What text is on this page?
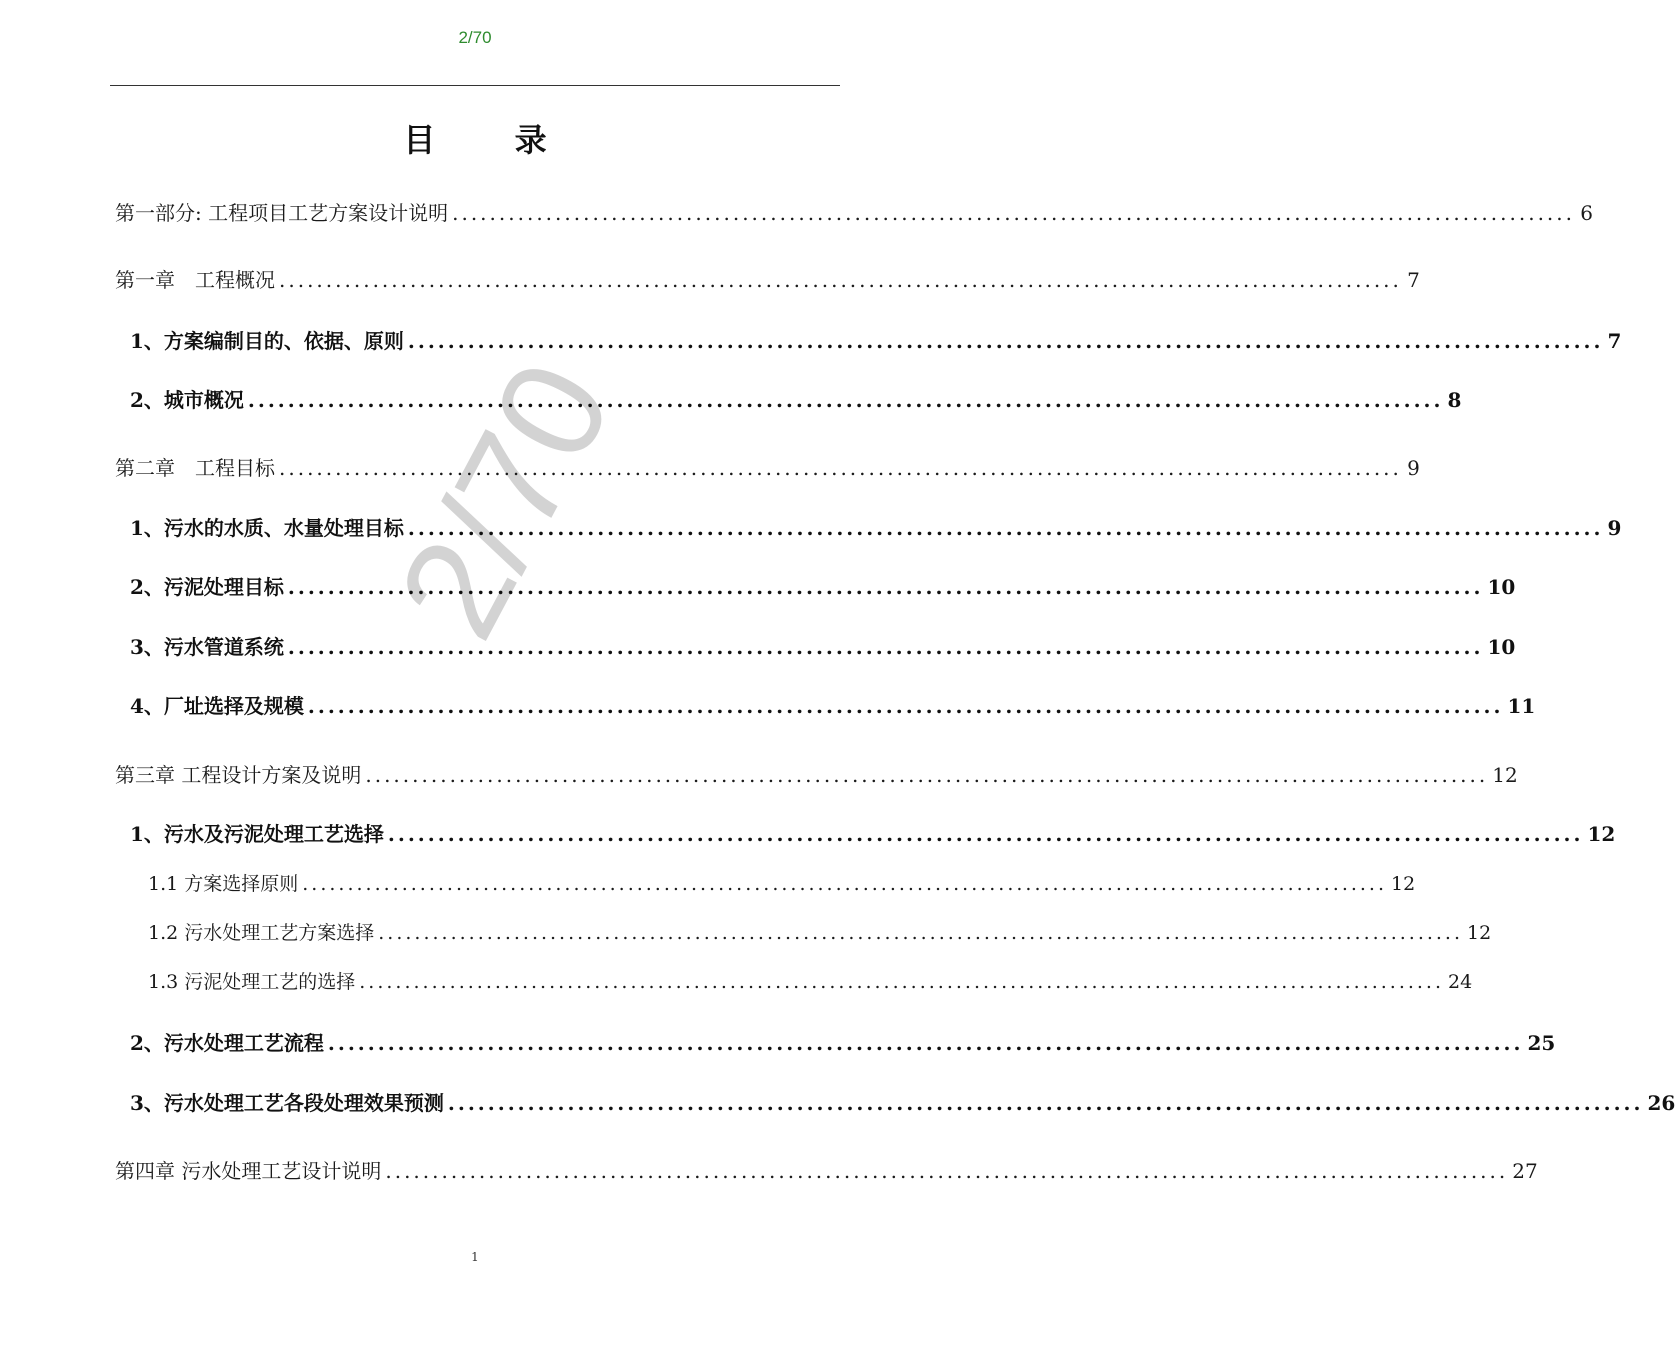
2/70
目 录
2/70
第一部分: 工程项目工艺方案设计说明 ........................................................................................................................ 6
第一章　工程概况 ........................................................................................................................ 7
1、方案编制目的、依据、原则 ........................................................................................................................ 7
2、城市概况 ........................................................................................................................ 8
第二章　工程目标 ........................................................................................................................ 9
1、污水的水质、水量处理目标 ........................................................................................................................ 9
2、污泥处理目标 ........................................................................................................................ 10
3、污水管道系统 ........................................................................................................................ 10
4、厂址选择及规模 ........................................................................................................................ 11
第三章 工程设计方案及说明 ........................................................................................................................ 12
1、污水及污泥处理工艺选择 ........................................................................................................................ 12
1.1 方案选择原则 ........................................................................................................................ 12
1.2 污水处理工艺方案选择 ........................................................................................................................ 12
1.3 污泥处理工艺的选择 ........................................................................................................................ 24
2、污水处理工艺流程 ........................................................................................................................ 25
3、污水处理工艺各段处理效果预测 ........................................................................................................................ 26
第四章 污水处理工艺设计说明 ........................................................................................................................ 27
1
